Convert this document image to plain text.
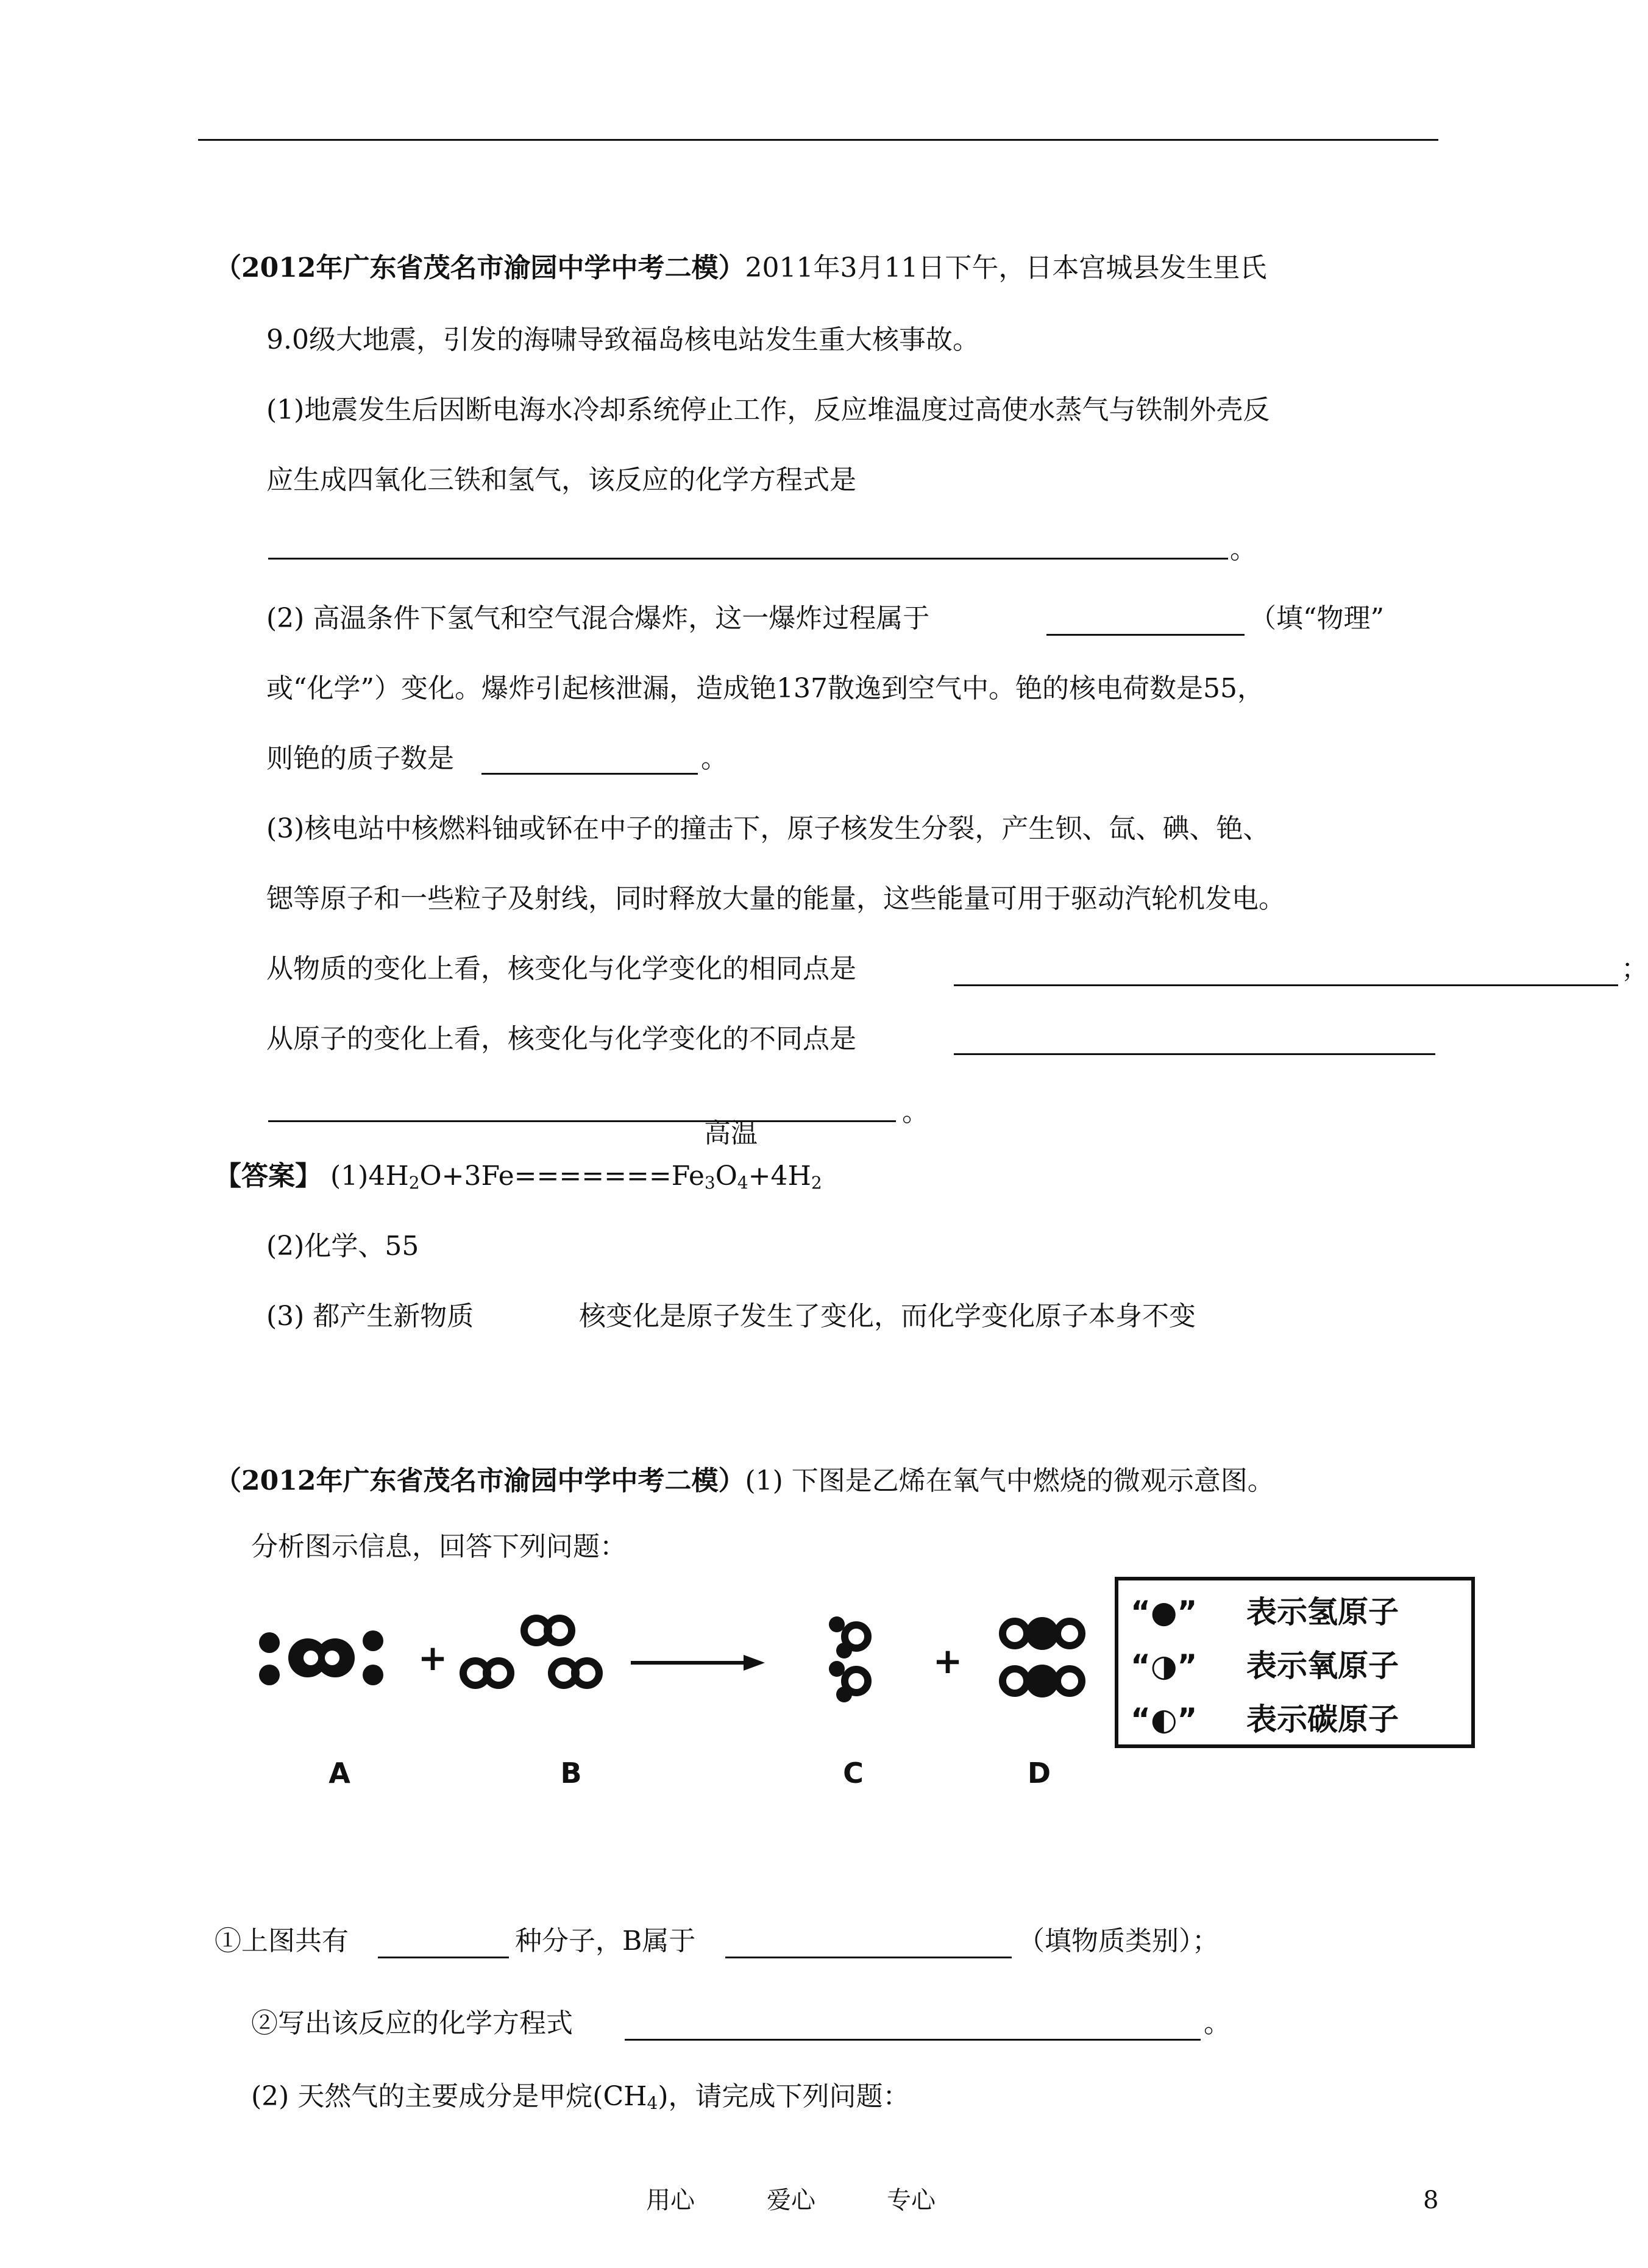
（2012年广东省茂名市渝园中学中考二模）2011年3月11日下午，日本宫城县发生里氏
9.0级大地震，引发的海啸导致福岛核电站发生重大核事故。
(1)地震发生后因断电海水冷却系统停止工作，反应堆温度过高使水蒸气与铁制外壳反
应生成四氧化三铁和氢气，该反应的化学方程式是
。
(2) 高温条件下氢气和空气混合爆炸，这一爆炸过程属于	（填“物理”
或“化学”）变化。爆炸引起核泄漏，造成铯137散逸到空气中。铯的核电荷数是55，
则铯的质子数是	。
(3)核电站中核燃料铀或钚在中子的撞击下，原子核发生分裂，产生钡、氙、碘、铯、
锶等原子和一些粒子及射线，同时释放大量的能量，这些能量可用于驱动汽轮机发电。
从物质的变化上看，核变化与化学变化的相同点是	；
从原子的变化上看，核变化与化学变化的不同点是
。
高温
【答案】 $(1)4H_2O+3Fe=======Fe_3O_4+4H_2$
(2)化学、55
(3) 都产生新物质	核变化是原子发生了变化，而化学变化原子本身不变
（2012年广东省茂名市渝园中学中考二模）(1) 下图是乙烯在氧气中燃烧的微观示意图。
分析图示信息，回答下列问题：
+	+
A	B	C	D
“●” 表示氢原子
“◑” 表示氧原子
“◐” 表示碳原子
①上图共有	种分子，B属于	（填物质类别）；
②写出该反应的化学方程式	。
(2) 天然气的主要成分是甲烷$(CH_4)$，请完成下列问题：
用心	爱心	专心	8
